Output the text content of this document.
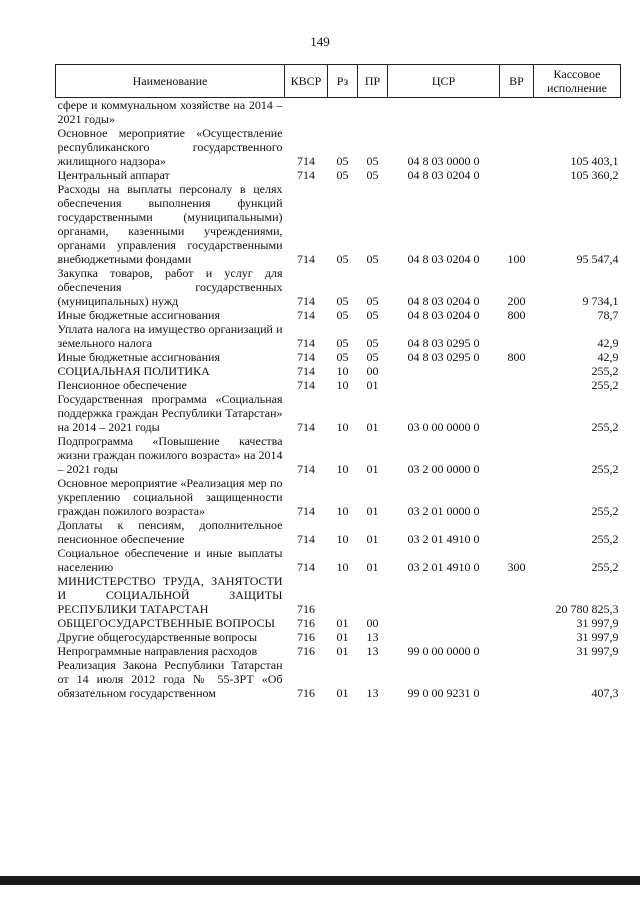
149
Наименование	КВСР	Рз	ПР	ЦСР	ВР	Кассовое исполнение
сфере и коммунальном хозяйстве на 2014 – 2021 годы»						
Основное мероприятие «Осуществление республиканского государственного жилищного надзора»	714	05	05	04 8 03 0000 0		105 403,1
Центральный аппарат	714	05	05	04 8 03 0204 0		105 360,2
Расходы на выплаты персоналу в целях обеспечения выполнения функций государственными (муниципальными) органами, казенными учреждениями, органами управления государственными внебюджетными фондами	714	05	05	04 8 03 0204 0	100	95 547,4
Закупка товаров, работ и услуг для обеспечения государственных (муниципальных) нужд	714	05	05	04 8 03 0204 0	200	9 734,1
Иные бюджетные ассигнования	714	05	05	04 8 03 0204 0	800	78,7
Уплата налога на имущество организаций и земельного налога	714	05	05	04 8 03 0295 0		42,9
Иные бюджетные ассигнования	714	05	05	04 8 03 0295 0	800	42,9
СОЦИАЛЬНАЯ ПОЛИТИКА	714	10	00			255,2
Пенсионное обеспечение	714	10	01			255,2
Государственная программа «Социальная поддержка граждан Республики Татарстан» на 2014 – 2021 годы	714	10	01	03 0 00 0000 0		255,2
Подпрограмма «Повышение качества жизни граждан пожилого возраста» на 2014 – 2021 годы	714	10	01	03 2 00 0000 0		255,2
Основное мероприятие «Реализация мер по укреплению социальной защищенности граждан пожилого возраста»	714	10	01	03 2 01 0000 0		255,2
Доплаты к пенсиям, дополнительное пенсионное обеспечение	714	10	01	03 2 01 4910 0		255,2
Социальное обеспечение и иные выплаты населению	714	10	01	03 2 01 4910 0	300	255,2
МИНИСТЕРСТВО ТРУДА, ЗАНЯТОСТИ И СОЦИАЛЬНОЙ ЗАЩИТЫ РЕСПУБЛИКИ ТАТАРСТАН	716					20 780 825,3
ОБЩЕГОСУДАРСТВЕННЫЕ ВОПРОСЫ	716	01	00			31 997,9
Другие общегосударственные вопросы	716	01	13			31 997,9
Непрограммные направления расходов	716	01	13	99 0 00 0000 0		31 997,9
Реализация Закона Республики Татарстан от 14 июля 2012 года № 55-ЗРТ «Об обязательном государственном	716	01	13	99 0 00 9231 0		407,3
